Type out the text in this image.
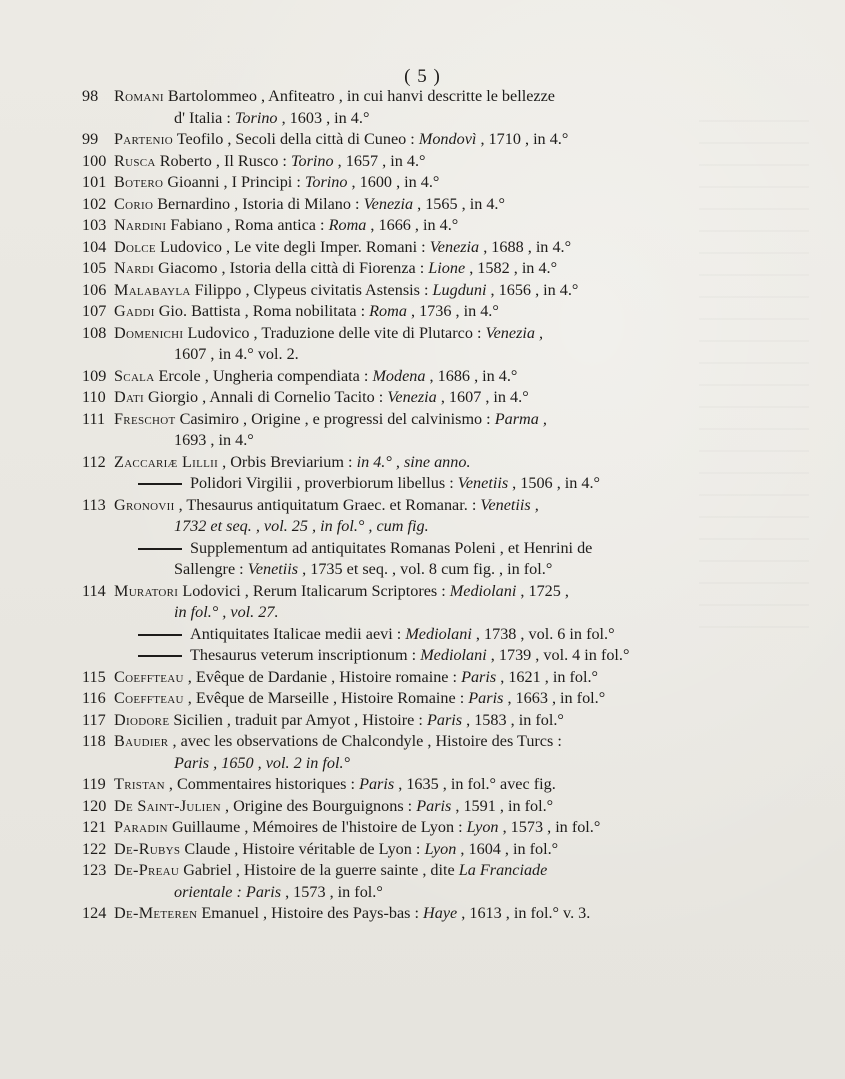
( 5 )
98 Romani Bartolommeo , Anfiteatro , in cui hanvi descritte le bellezze
d' Italia : Torino , 1603 , in 4.°
99 Partenio Teofilo , Secoli della città di Cuneo : Mondovì , 1710 , in 4.°
100 Rusca Roberto , Il Rusco : Torino , 1657 , in 4.°
101 Botero Gioanni , I Principi : Torino , 1600 , in 4.°
102 Corio Bernardino , Istoria di Milano : Venezia , 1565 , in 4.°
103 Nardini Fabiano , Roma antica : Roma , 1666 , in 4.°
104 Dolce Ludovico , Le vite degli Imper. Romani : Venezia , 1688 , in 4.°
105 Nardi Giacomo , Istoria della città di Fiorenza : Lione , 1582 , in 4.°
106 Malabayla Filippo , Clypeus civitatis Astensis : Lugduni , 1656 , in 4.°
107 Gaddi Gio. Battista , Roma nobilitata : Roma , 1736 , in 4.°
108 Domenichi Ludovico , Traduzione delle vite di Plutarco : Venezia ,
1607 , in 4.° vol. 2.
109 Scala Ercole , Ungheria compendiata : Modena , 1686 , in 4.°
110 Dati Giorgio , Annali di Cornelio Tacito : Venezia , 1607 , in 4.°
111 Freschot Casimiro , Origine , e progressi del calvinismo : Parma ,
1693 , in 4.°
112 Zaccariæ Lillii , Orbis Breviarium : in 4.° , sine anno.
Polidori Virgilii , proverbiorum libellus : Venetiis , 1506 , in 4.°
113 Gronovii , Thesaurus antiquitatum Graec. et Romanar. : Venetiis ,
1732 et seq. , vol. 25 , in fol.° , cum fig.
Supplementum ad antiquitates Romanas Poleni , et Henrini de
Sallengre : Venetiis , 1735 et seq. , vol. 8 cum fig. , in fol.°
114 Muratori Lodovici , Rerum Italicarum Scriptores : Mediolani , 1725 ,
in fol.° , vol. 27.
Antiquitates Italicae medii aevi : Mediolani , 1738 , vol. 6 in fol.°
Thesaurus veterum inscriptionum : Mediolani , 1739 , vol. 4 in fol.°
115 Coeffteau , Evêque de Dardanie , Histoire romaine : Paris , 1621 , in fol.°
116 Coeffteau , Evêque de Marseille , Histoire Romaine : Paris , 1663 , in fol.°
117 Diodore Sicilien , traduit par Amyot , Histoire : Paris , 1583 , in fol.°
118 Baudier , avec les observations de Chalcondyle , Histoire des Turcs :
Paris , 1650 , vol. 2 in fol.°
119 Tristan , Commentaires historiques : Paris , 1635 , in fol.° avec fig.
120 De Saint-Julien , Origine des Bourguignons : Paris , 1591 , in fol.°
121 Paradin Guillaume , Mémoires de l'histoire de Lyon : Lyon , 1573 , in fol.°
122 De-Rubys Claude , Histoire véritable de Lyon : Lyon , 1604 , in fol.°
123 De-Preau Gabriel , Histoire de la guerre sainte , dite La Franciade
orientale : Paris , 1573 , in fol.°
124 De-Meteren Emanuel , Histoire des Pays-bas : Haye , 1613 , in fol.° v. 3.
